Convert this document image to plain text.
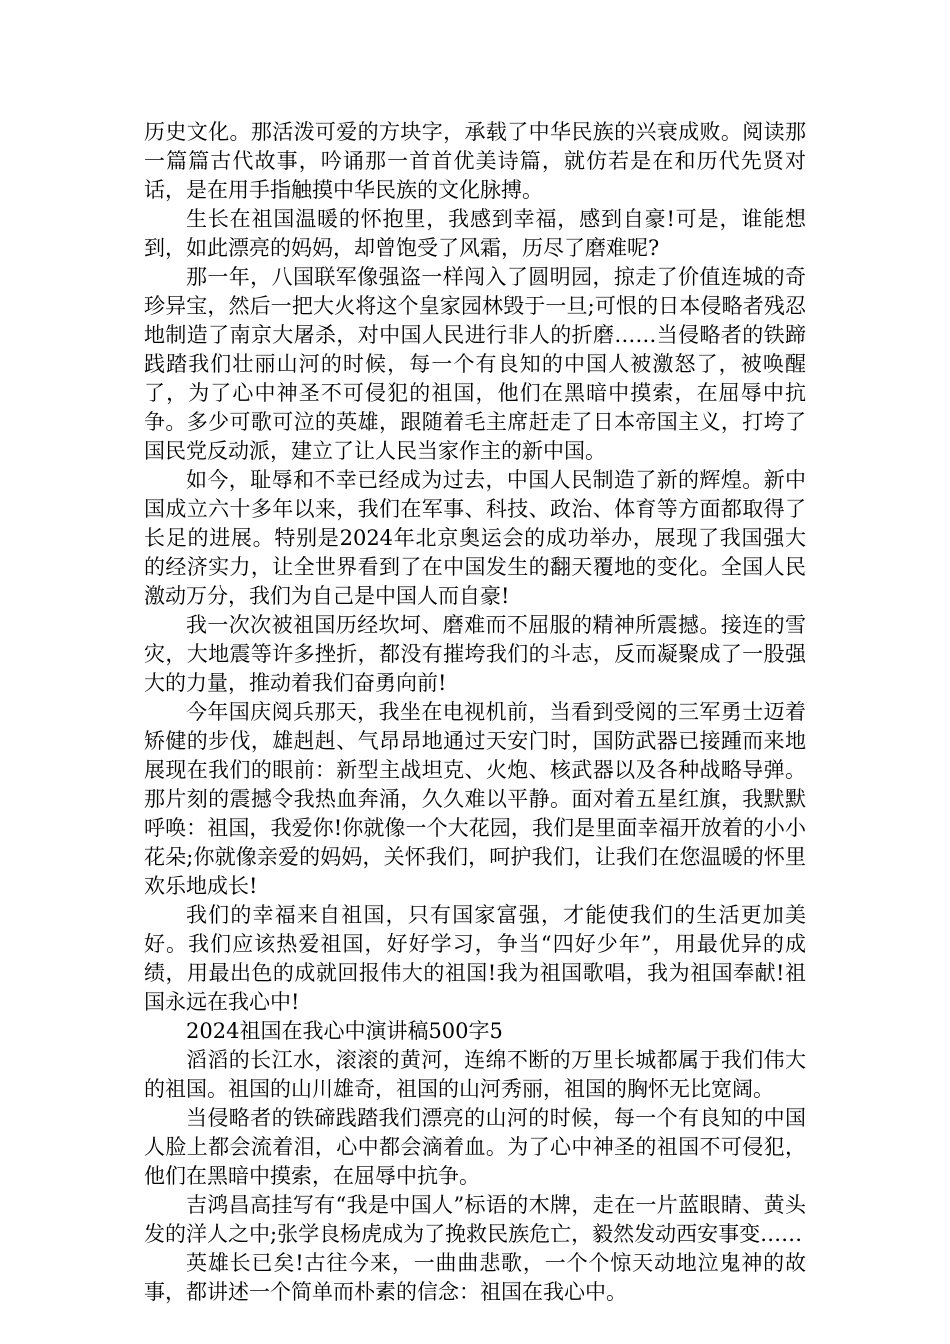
历史文化。那活泼可爱的方块字，承载了中华民族的兴衰成败。阅读那一篇篇古代故事，吟诵那一首首优美诗篇，就仿若是在和历代先贤对话，是在用手指触摸中华民族的文化脉搏。

生长在祖国温暖的怀抱里，我感到幸福，感到自豪!可是，谁能想到，如此漂亮的妈妈，却曾饱受了风霜，历尽了磨难呢?

那一年，八国联军像强盗一样闯入了圆明园，掠走了价值连城的奇珍异宝，然后一把大火将这个皇家园林毁于一旦;可恨的日本侵略者残忍地制造了南京大屠杀，对中国人民进行非人的折磨……当侵略者的铁蹄践踏我们壮丽山河的时候，每一个有良知的中国人被激怒了，被唤醒了，为了心中神圣不可侵犯的祖国，他们在黑暗中摸索，在屈辱中抗争。多少可歌可泣的英雄，跟随着毛主席赶走了日本帝国主义，打垮了国民党反动派，建立了让人民当家作主的新中国。

如今，耻辱和不幸已经成为过去，中国人民制造了新的辉煌。新中国成立六十多年以来，我们在军事、科技、政治、体育等方面都取得了长足的进展。特别是2024年北京奥运会的成功举办，展现了我国强大的经济实力，让全世界看到了在中国发生的翻天覆地的变化。全国人民激动万分，我们为自己是中国人而自豪!

我一次次被祖国历经坎坷、磨难而不屈服的精神所震撼。接连的雪灾，大地震等许多挫折，都没有摧垮我们的斗志，反而凝聚成了一股强大的力量，推动着我们奋勇向前!

今年国庆阅兵那天，我坐在电视机前，当看到受阅的三军勇士迈着矫健的步伐，雄赳赳、气昂昂地通过天安门时，国防武器已接踵而来地展现在我们的眼前：新型主战坦克、火炮、核武器以及各种战略导弹。那片刻的震撼令我热血奔涌，久久难以平静。面对着五星红旗，我默默呼唤：祖国，我爱你!你就像一个大花园，我们是里面幸福开放着的小小花朵;你就像亲爱的妈妈，关怀我们，呵护我们，让我们在您温暖的怀里欢乐地成长!

我们的幸福来自祖国，只有国家富强，才能使我们的生活更加美好。我们应该热爱祖国，好好学习，争当“四好少年”，用最优异的成绩，用最出色的成就回报伟大的祖国!我为祖国歌唱，我为祖国奉献!祖国永远在我心中!

2024祖国在我心中演讲稿500字5

滔滔的长江水，滚滚的黄河，连绵不断的万里长城都属于我们伟大的祖国。祖国的山川雄奇，祖国的山河秀丽，祖国的胸怀无比宽阔。

当侵略者的铁碲践踏我们漂亮的山河的时候，每一个有良知的中国人脸上都会流着泪，心中都会滴着血。为了心中神圣的祖国不可侵犯，他们在黑暗中摸索，在屈辱中抗争。

吉鸿昌高挂写有“我是中国人”标语的木牌，走在一片蓝眼睛、黄头发的洋人之中;张学良杨虎成为了挽救民族危亡，毅然发动西安事变……

英雄长已矣!古往今来，一曲曲悲歌，一个个惊天动地泣鬼神的故事，都讲述一个简单而朴素的信念：祖国在我心中。
